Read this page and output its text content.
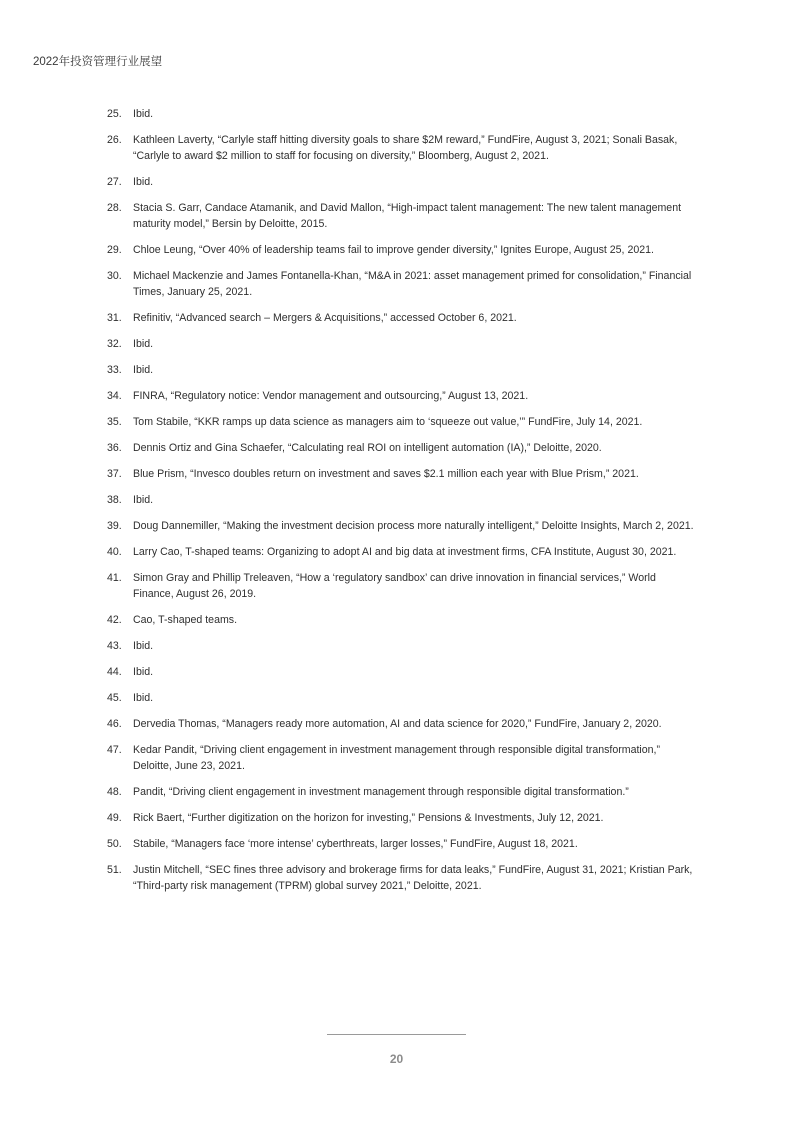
2022年投资管理行业展望
25.	Ibid.
26.	Kathleen Laverty, “Carlyle staff hitting diversity goals to share $2M reward,” FundFire, August 3, 2021; Sonali Basak, “Carlyle to award $2 million to staff for focusing on diversity,” Bloomberg, August 2, 2021.
27.	Ibid.
28.	Stacia S. Garr, Candace Atamanik, and David Mallon, “High-impact talent management: The new talent management maturity model,” Bersin by Deloitte, 2015.
29.	Chloe Leung, “Over 40% of leadership teams fail to improve gender diversity,” Ignites Europe, August 25, 2021.
30.	Michael Mackenzie and James Fontanella-Khan, “M&A in 2021: asset management primed for consolidation,” Financial Times, January 25, 2021.
31.	Refinitiv, “Advanced search – Mergers & Acquisitions,” accessed October 6, 2021.
32.	Ibid.
33.	Ibid.
34.	FINRA, “Regulatory notice: Vendor management and outsourcing,” August 13, 2021.
35.	Tom Stabile, “KKR ramps up data science as managers aim to ‘squeeze out value,’” FundFire, July 14, 2021.
36.	Dennis Ortiz and Gina Schaefer, “Calculating real ROI on intelligent automation (IA),” Deloitte, 2020.
37.	Blue Prism, “Invesco doubles return on investment and saves $2.1 million each year with Blue Prism,” 2021.
38.	Ibid.
39.	Doug Dannemiller, “Making the investment decision process more naturally intelligent,” Deloitte Insights, March 2, 2021.
40.	Larry Cao, T-shaped teams: Organizing to adopt AI and big data at investment firms, CFA Institute, August 30, 2021.
41.	Simon Gray and Phillip Treleaven, “How a ‘regulatory sandbox’ can drive innovation in financial services,” World Finance, August 26, 2019.
42.	Cao, T-shaped teams.
43.	Ibid.
44.	Ibid.
45.	Ibid.
46.	Dervedia Thomas, “Managers ready more automation, AI and data science for 2020,” FundFire, January 2, 2020.
47.	Kedar Pandit, “Driving client engagement in investment management through responsible digital transformation,” Deloitte, June 23, 2021.
48.	Pandit, “Driving client engagement in investment management through responsible digital transformation.”
49.	Rick Baert, “Further digitization on the horizon for investing,” Pensions & Investments, July 12, 2021.
50.	Stabile, “Managers face ‘more intense’ cyberthreats, larger losses,” FundFire, August 18, 2021.
51.	Justin Mitchell, “SEC fines three advisory and brokerage firms for data leaks,” FundFire, August 31, 2021; Kristian Park, “Third-party risk management (TPRM) global survey 2021,” Deloitte, 2021.
20
